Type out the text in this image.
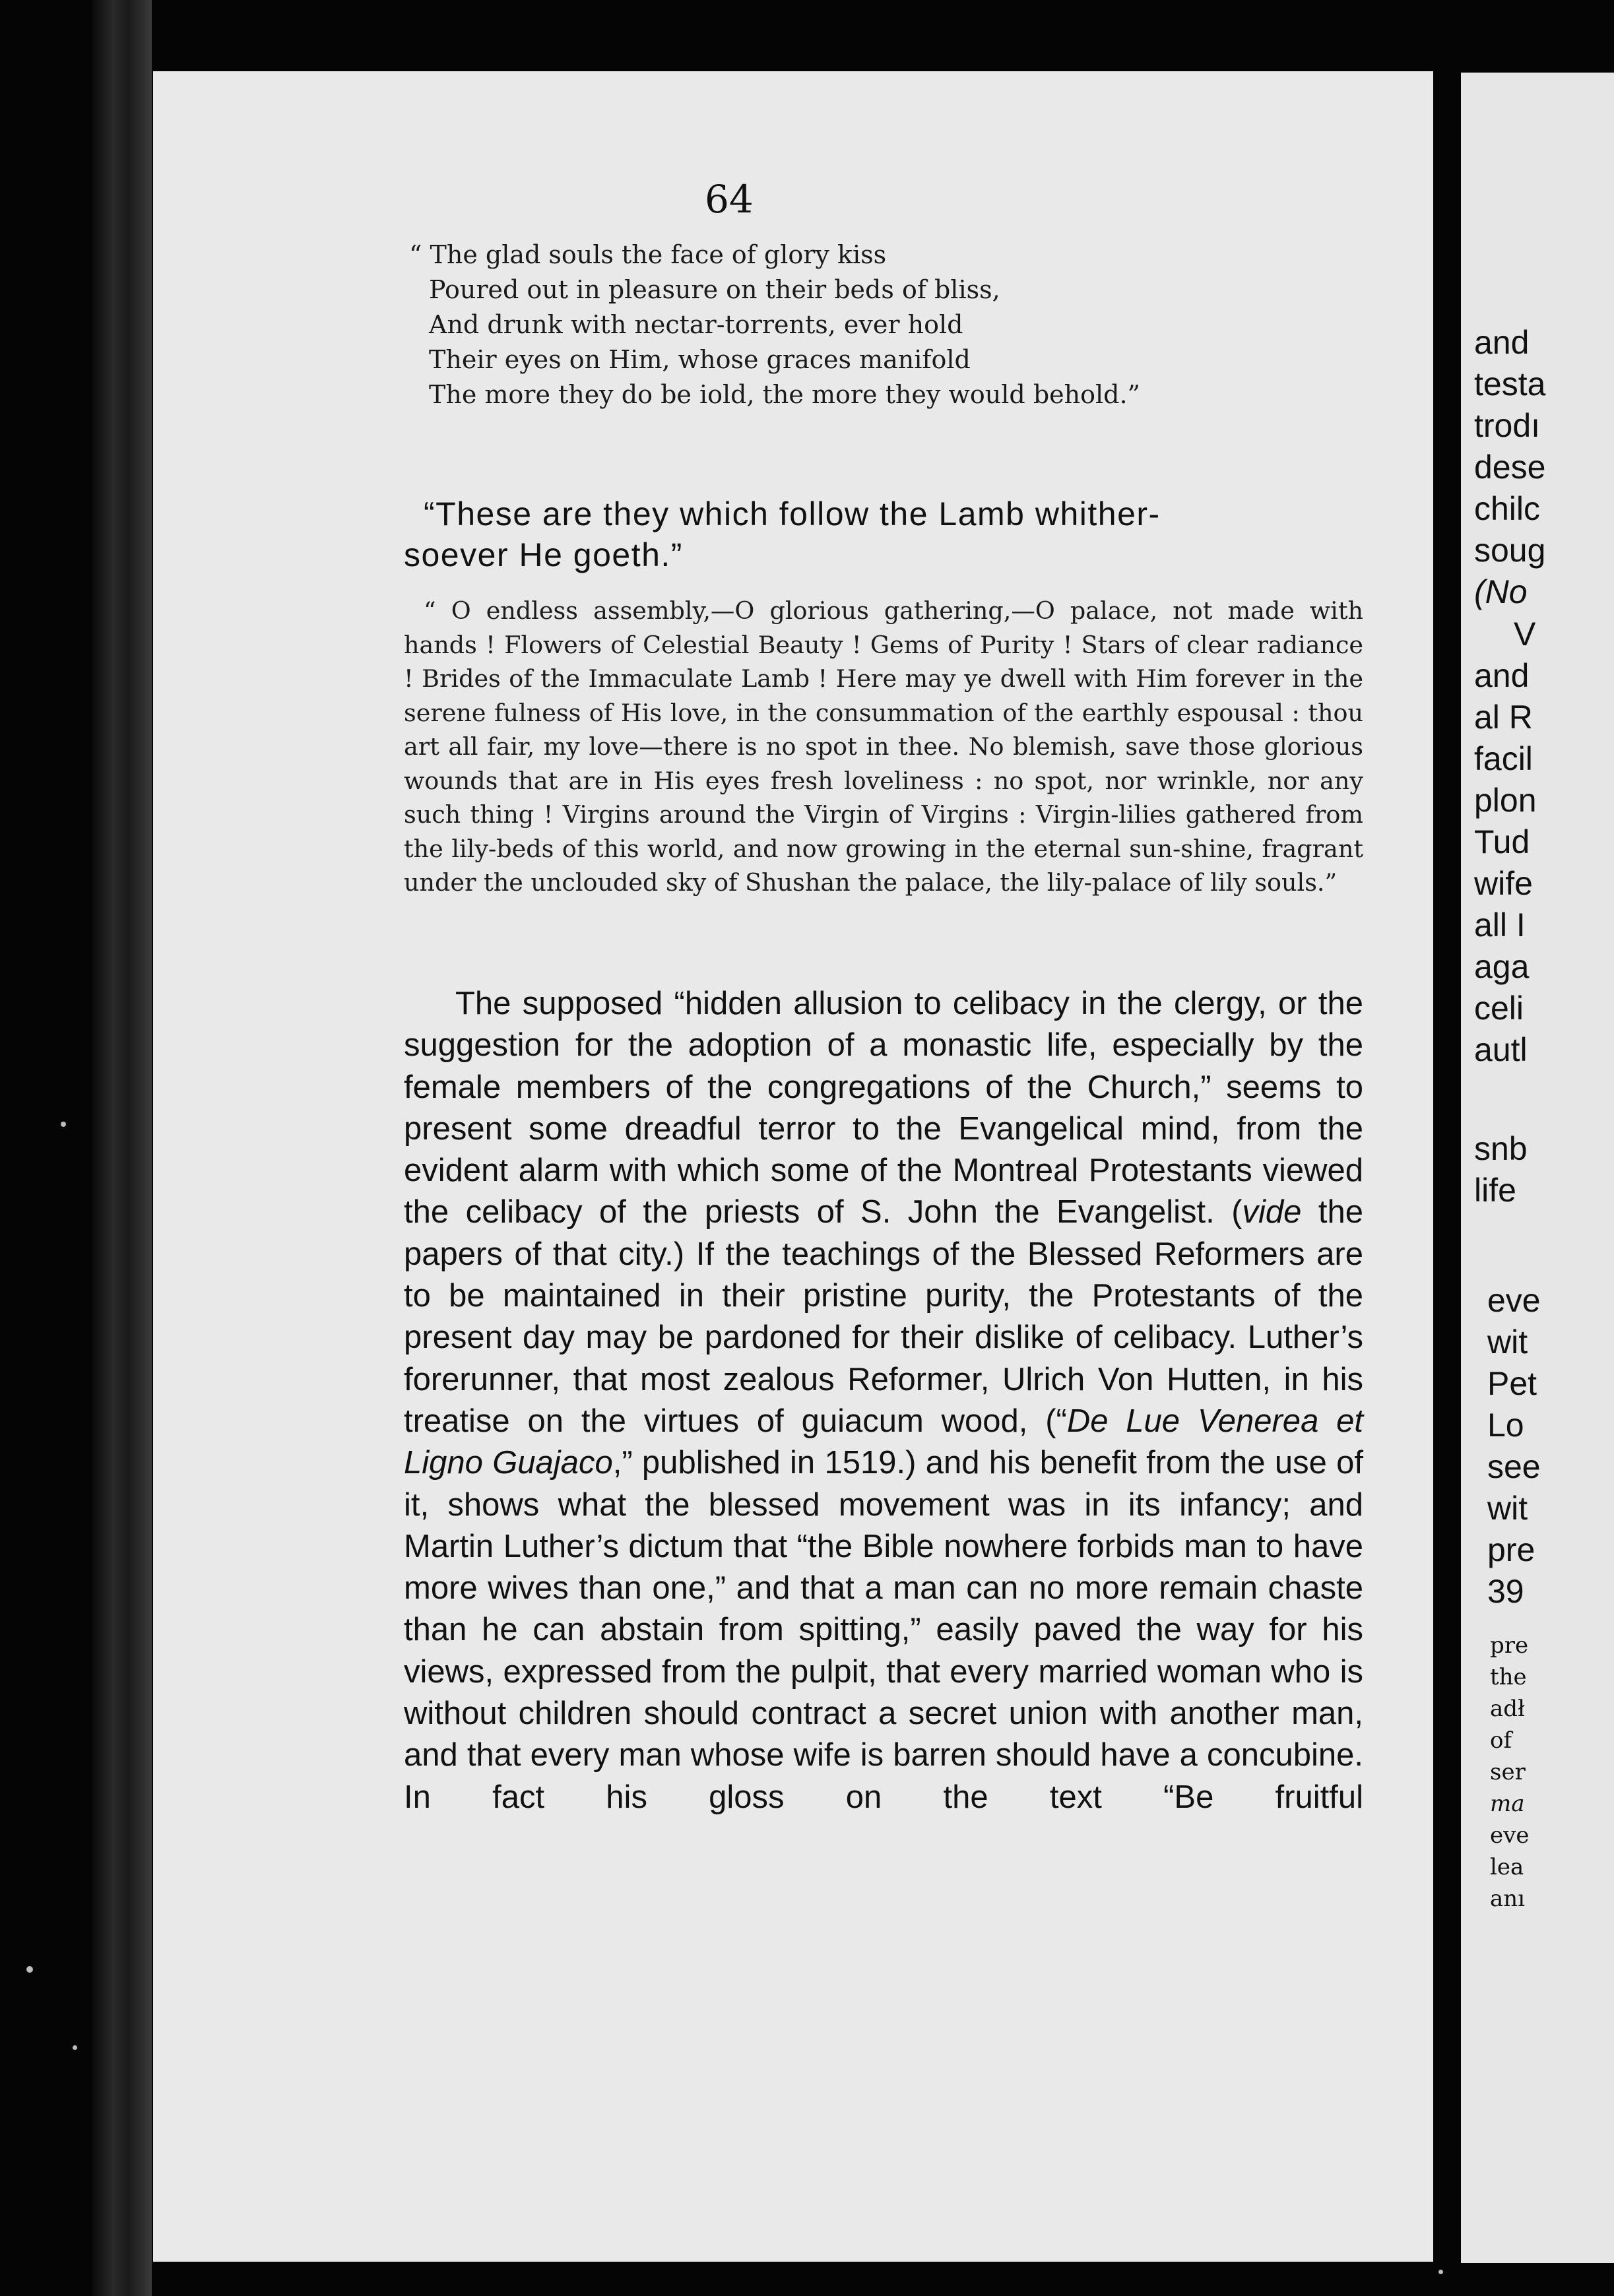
64
“ The glad souls the face of glory kiss
Poured out in pleasure on their beds of bliss,
And drunk with nectar-torrents, ever hold
Their eyes on Him, whose graces manifold
The more they do be iold, the more they would behold.”
“These are they which follow the Lamb whither-
soever He goeth.”

“ O endless assembly,—O glorious gathering,—O palace, not made with hands ! Flowers of Celestial Beauty ! Gems of Purity ! Stars of clear radiance ! Brides of the Immaculate Lamb ! Here may ye dwell with Him forever in the serene fulness of His love, in the consummation of the earthly espousal : thou art all fair, my love—there is no spot in thee. No blemish, save those glorious wounds that are in His eyes fresh loveliness : no spot, nor wrinkle, nor any such thing ! Virgins around the Virgin of Virgins : Virgin-lilies gathered from the lily-beds of this world, and now growing in the eternal sun-shine, fragrant under the unclouded sky of Shushan the palace, the lily-palace of lily souls.”

The supposed “hidden allusion to celibacy in the clergy, or the suggestion for the adoption of a monastic life, especially by the female members of the congregations of the Church,” seems to present some dreadful terror to the Evangelical mind, from the evident alarm with which some of the Montreal Protestants viewed the celibacy of the priests of S. John the Evangelist. (vide the papers of that city.) If the teachings of the Blessed Reformers are to be maintained in their pristine purity, the Protestants of the present day may be pardoned for their dislike of celibacy. Luther’s forerunner, that most zealous Reformer, Ulrich Von Hutten, in his treatise on the virtues of guiacum wood, (“De Lue Venerea et Ligno Guajaco,” published in 1519.) and his benefit from the use of it, shows what the blessed movement was in its infancy; and Martin Luther’s dictum that “the Bible nowhere forbids man to have more wives than one,” and that a man can no more remain chaste than he can abstain from spitting,” easily paved the way for his views, expressed from the pulpit, that every married woman who is without children should contract a secret union with another man, and that every man whose wife is barren should have a concubine. In fact his gloss on the text “Be fruitful

and
testa
trodı
dese
chilc
soug
(No
V
and
al R
facil
plon
Tud
wife
all I
aga
celi
autl
snb
life
eve
wit
Pet
Lo
see
wit
pre
39
pre
the
adł
of
ser
ma
eve
lea
anı
